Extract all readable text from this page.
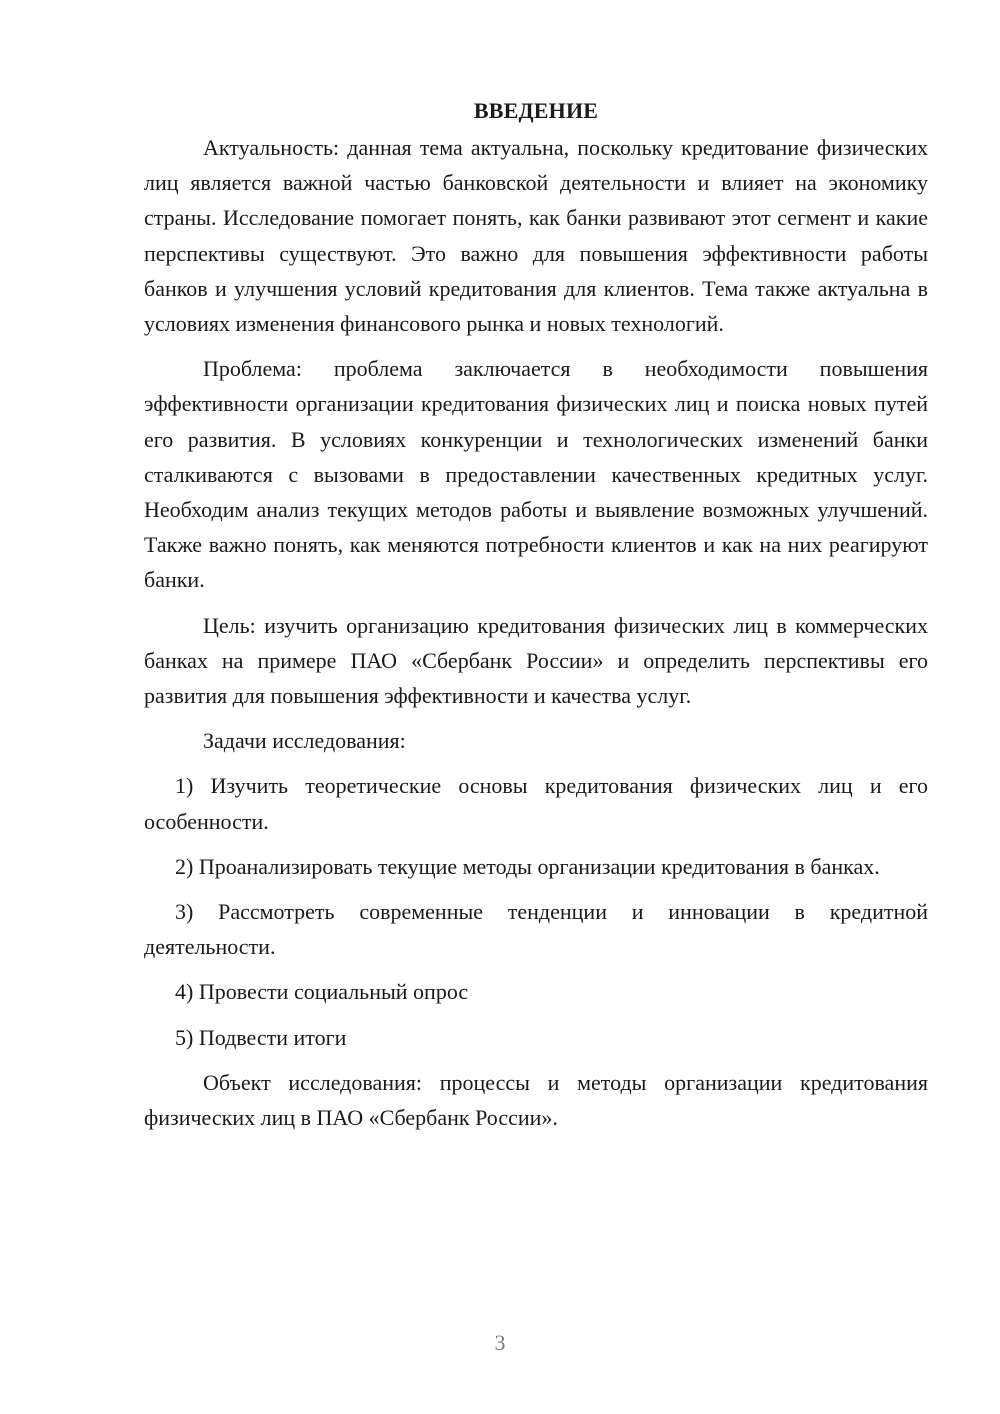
ВВЕДЕНИЕ

Актуальность: данная тема актуальна, поскольку кредитование физических лиц является важной частью банковской деятельности и влияет на экономику страны. Исследование помогает понять, как банки развивают этот сегмент и какие перспективы существуют. Это важно для повышения эффективности работы банков и улучшения условий кредитования для клиентов. Тема также актуальна в условиях изменения финансового рынка и новых технологий.

Проблема: проблема заключается в необходимости повышения эффективности организации кредитования физических лиц и поиска новых путей его развития. В условиях конкуренции и технологических изменений банки сталкиваются с вызовами в предоставлении качественных кредитных услуг. Необходим анализ текущих методов работы и выявление возможных улучшений. Также важно понять, как меняются потребности клиентов и как на них реагируют банки.

Цель: изучить организацию кредитования физических лиц в коммерческих банках на примере ПАО «Сбербанк России» и определить перспективы его развития для повышения эффективности и качества услуг.

Задачи исследования:

1) Изучить теоретические основы кредитования физических лиц и его особенности.

2) Проанализировать текущие методы организации кредитования в банках.

3) Рассмотреть современные тенденции и инновации в кредитной деятельности.

4) Провести социальный опрос

5) Подвести итоги

Объект исследования: процессы и методы организации кредитования физических лиц в ПАО «Сбербанк России».

3
